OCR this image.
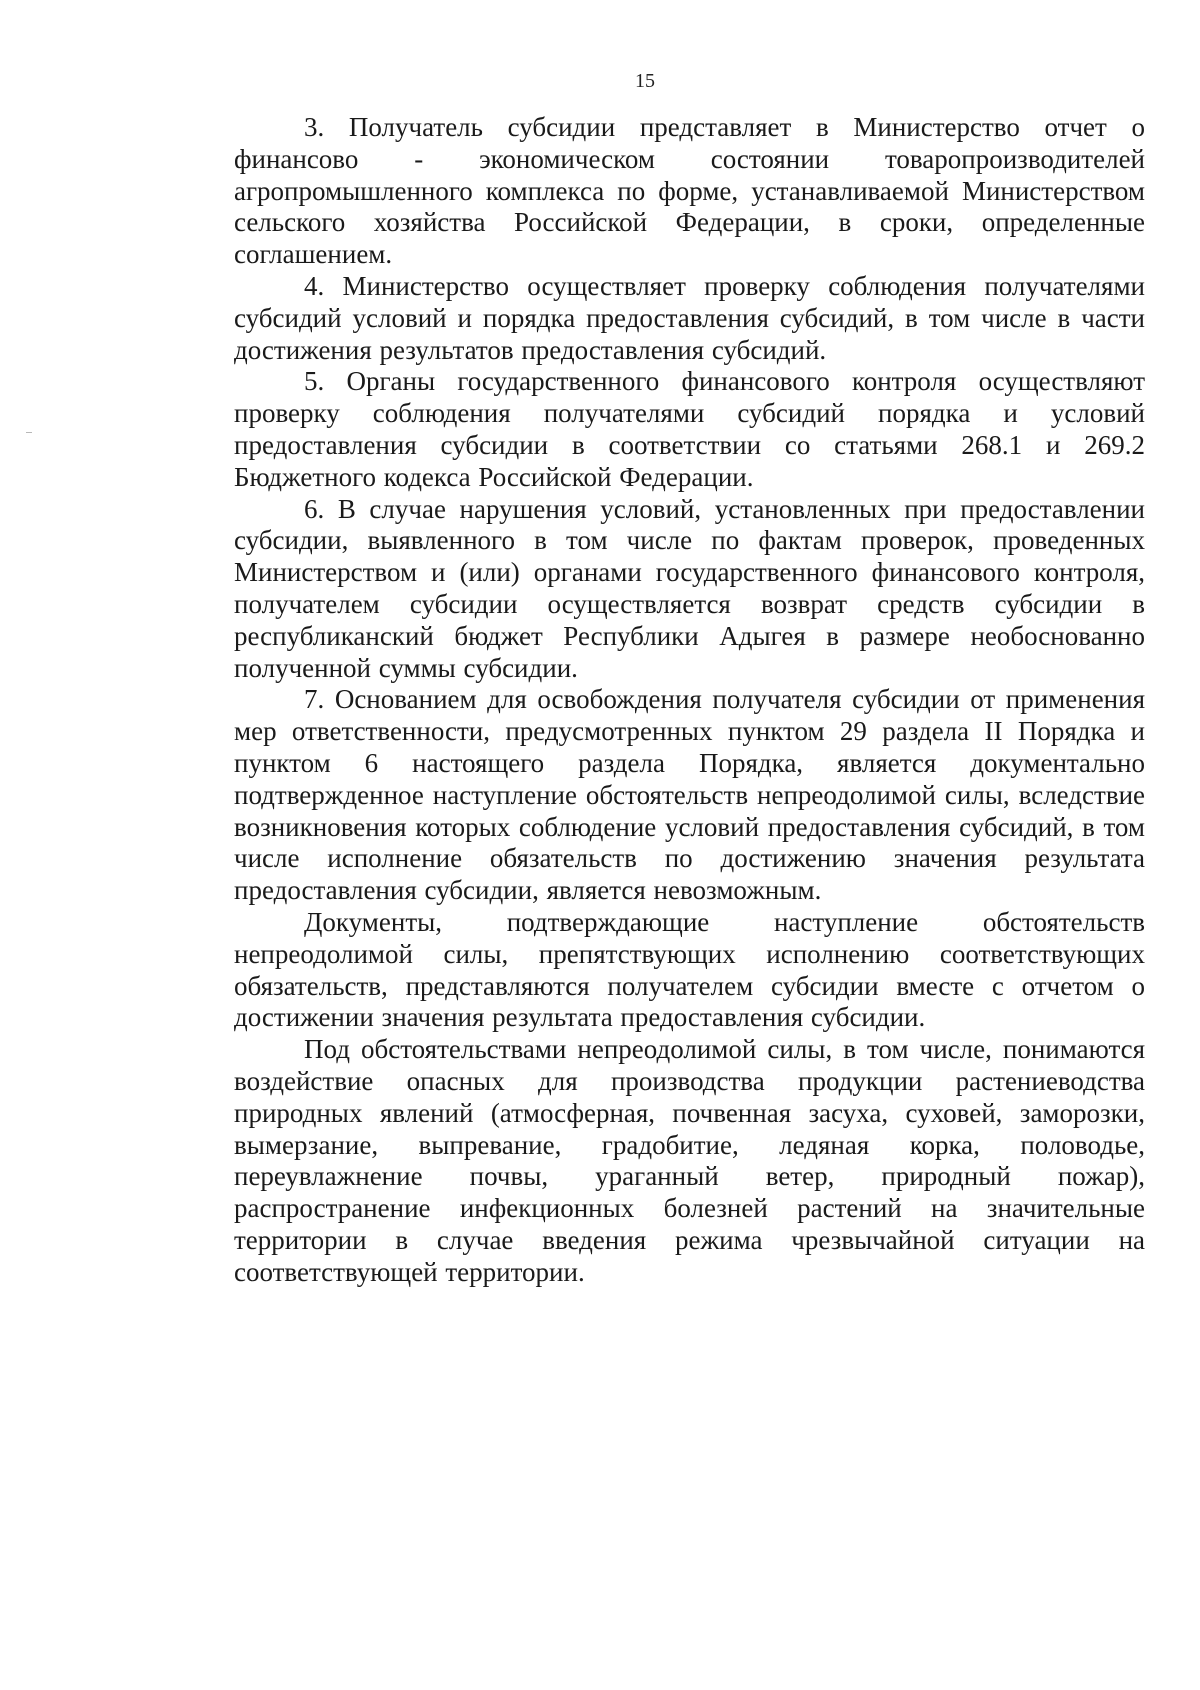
15

3. Получатель субсидии представляет в Министерство отчет о финансово - экономическом состоянии товаропроизводителей агропромышленного комплекса по форме, устанавливаемой Министерством сельского хозяйства Российской Федерации, в сроки, определенные соглашением.

4. Министерство осуществляет проверку соблюдения получателями субсидий условий и порядка предоставления субсидий, в том числе в части достижения результатов предоставления субсидий.

5. Органы государственного финансового контроля осуществляют проверку соблюдения получателями субсидий порядка и условий предоставления субсидии в соответствии со статьями 268.1 и 269.2 Бюджетного кодекса Российской Федерации.

6. В случае нарушения условий, установленных при предоставлении субсидии, выявленного в том числе по фактам проверок, проведенных Министерством и (или) органами государственного финансового контроля, получателем субсидии осуществляется возврат средств субсидии в республиканский бюджет Республики Адыгея в размере необоснованно полученной суммы субсидии.

7. Основанием для освобождения получателя субсидии от применения мер ответственности, предусмотренных пунктом 29 раздела II Порядка и пунктом 6 настоящего раздела Порядка, является документально подтвержденное наступление обстоятельств непреодолимой силы, вследствие возникновения которых соблюдение условий предоставления субсидий, в том числе исполнение обязательств по достижению значения результата предоставления субсидии, является невозможным.

Документы, подтверждающие наступление обстоятельств непреодолимой силы, препятствующих исполнению соответствующих обязательств, представляются получателем субсидии вместе с отчетом о достижении значения результата предоставления субсидии.

Под обстоятельствами непреодолимой силы, в том числе, понимаются воздействие опасных для производства продукции растениеводства природных явлений (атмосферная, почвенная засуха, суховей, заморозки, вымерзание, выпревание, градобитие, ледяная корка, половодье, переувлажнение почвы, ураганный ветер, природный пожар), распространение инфекционных болезней растений на значительные территории в случае введения режима чрезвычайной ситуации на соответствующей территории.
